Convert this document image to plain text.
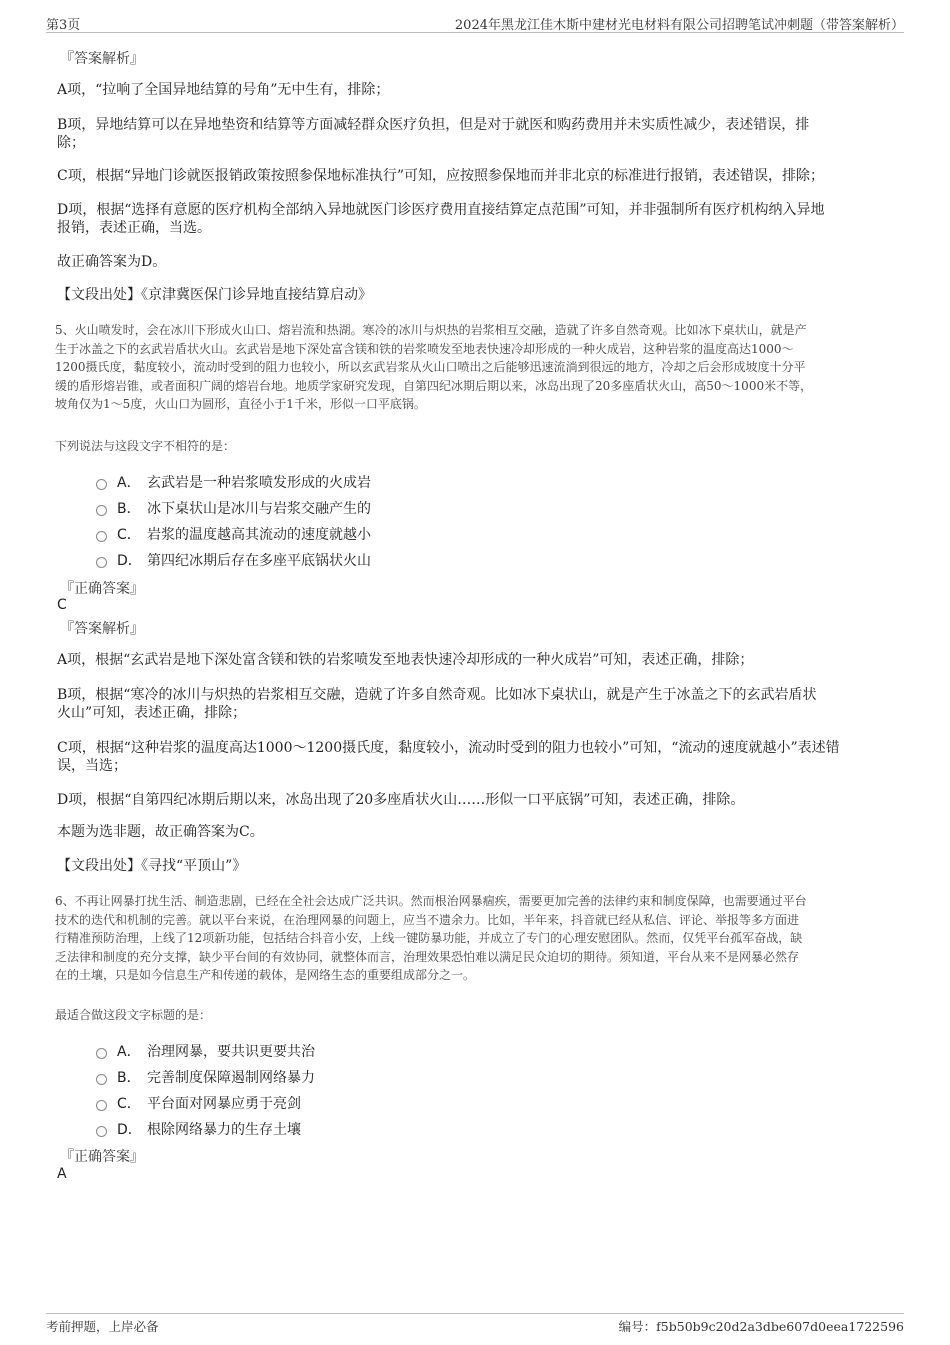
第3页	2024年黑龙江佳木斯中建材光电材料有限公司招聘笔试冲刺题（带答案解析）
『答案解析』
A项，“拉响了全国异地结算的号角”无中生有，排除；
B项，异地结算可以在异地垫资和结算等方面减轻群众医疗负担，但是对于就医和购药费用并未实质性减少，表述错误，排
除；
C项，根据“异地门诊就医报销政策按照参保地标准执行”可知，应按照参保地而并非北京的标准进行报销，表述错误，排除；
D项，根据“选择有意愿的医疗机构全部纳入异地就医门诊医疗费用直接结算定点范围”可知，并非强制所有医疗机构纳入异地
报销，表述正确，当选。
故正确答案为D。
【文段出处】《京津冀医保门诊异地直接结算启动》
5、火山喷发时，会在冰川下形成火山口、熔岩流和热湖。寒冷的冰川与炽热的岩浆相互交融，造就了许多自然奇观。比如冰下桌状山，就是产
生于冰盖之下的玄武岩盾状火山。玄武岩是地下深处富含镁和铁的岩浆喷发至地表快速冷却形成的一种火成岩，这种岩浆的温度高达1000～
1200摄氏度，黏度较小，流动时受到的阻力也较小，所以玄武岩浆从火山口喷出之后能够迅速流淌到很远的地方，冷却之后会形成坡度十分平
缓的盾形熔岩锥，或者面积广阔的熔岩台地。地质学家研究发现，自第四纪冰期后期以来，冰岛出现了20多座盾状火山，高50～1000米不等，
坡角仅为1～5度，火山口为圆形，直径小于1千米，形似一口平底锅。
下列说法与这段文字不相符的是：
A． 玄武岩是一种岩浆喷发形成的火成岩
B． 冰下桌状山是冰川与岩浆交融产生的
C． 岩浆的温度越高其流动的速度就越小
D． 第四纪冰期后存在多座平底锅状火山
『正确答案』
C
『答案解析』
A项，根据“玄武岩是地下深处富含镁和铁的岩浆喷发至地表快速冷却形成的一种火成岩”可知，表述正确，排除；
B项，根据“寒冷的冰川与炽热的岩浆相互交融，造就了许多自然奇观。比如冰下桌状山，就是产生于冰盖之下的玄武岩盾状
火山”可知，表述正确，排除；
C项，根据“这种岩浆的温度高达1000～1200摄氏度，黏度较小，流动时受到的阻力也较小”可知，“流动的速度就越小”表述错
误，当选；
D项，根据“自第四纪冰期后期以来，冰岛出现了20多座盾状火山……形似一口平底锅”可知，表述正确，排除。
本题为选非题，故正确答案为C。
【文段出处】《寻找“平顶山”》
6、不再让网暴打扰生活、制造悲剧，已经在全社会达成广泛共识。然而根治网暴痼疾，需要更加完善的法律约束和制度保障，也需要通过平台
技术的迭代和机制的完善。就以平台来说，在治理网暴的问题上，应当不遗余力。比如，半年来，抖音就已经从私信、评论、举报等多方面进
行精准预防治理，上线了12项新功能，包括结合抖音小安，上线一键防暴功能，并成立了专门的心理安慰团队。然而，仅凭平台孤军奋战，缺
乏法律和制度的充分支撑，缺少平台间的有效协同，就整体而言，治理效果恐怕难以满足民众迫切的期待。须知道，平台从来不是网暴必然存
在的土壤，只是如今信息生产和传递的载体，是网络生态的重要组成部分之一。
最适合做这段文字标题的是：
A． 治理网暴，要共识更要共治
B． 完善制度保障遏制网络暴力
C． 平台面对网暴应勇于亮剑
D． 根除网络暴力的生存土壤
『正确答案』
A
考前押题，上岸必备	编号：f5b50b9c20d2a3dbe607d0eea1722596
